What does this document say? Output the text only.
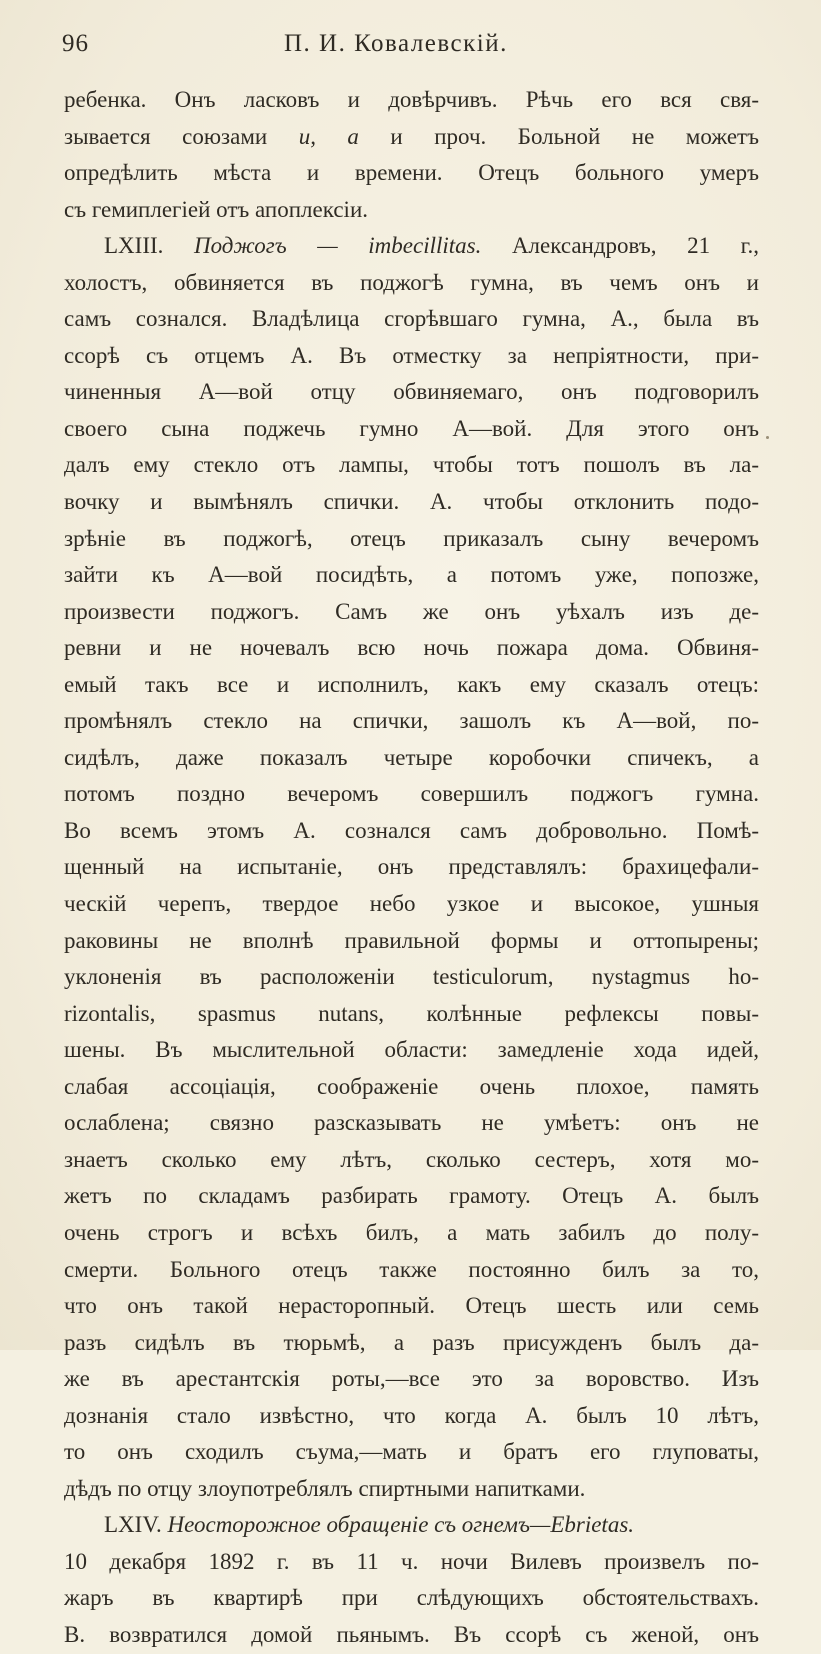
96	П. И. Ковалевскій.
ребенка. Онъ ласковъ и довѣрчивъ. Рѣчь его вся свя-
зывается союзами и, а и проч. Больной не можетъ
опредѣлить мѣста и времени. Отецъ больного умеръ
съ гемиплегіей отъ апоплексіи.
LXIII. Поджогъ — imbecillitas. Александровъ, 21 г.,
холостъ, обвиняется въ поджогѣ гумна, въ чемъ онъ и
самъ сознался. Владѣлица сгорѣвшаго гумна, А., была въ
ссорѣ съ отцемъ А. Въ отместку за непріятности, при-
чиненныя А—вой отцу обвиняемаго, онъ подговорилъ
своего сына поджечь гумно А—вой. Для этого онъ
далъ ему стекло отъ лампы, чтобы тотъ пошолъ въ ла-
вочку и вымѣнялъ спички. А. чтобы отклонить подо-
зрѣніе въ поджогѣ, отецъ приказалъ сыну вечеромъ
зайти къ А—вой посидѣть, а потомъ уже, попозже,
произвести поджогъ. Самъ же онъ уѣхалъ изъ де-
ревни и не ночевалъ всю ночь пожара дома. Обвиня-
емый такъ все и исполнилъ, какъ ему сказалъ отецъ:
промѣнялъ стекло на спички, зашолъ къ А—вой, по-
сидѣлъ, даже показалъ четыре коробочки спичекъ, а
потомъ поздно вечеромъ совершилъ поджогъ гумна.
Во всемъ этомъ А. сознался самъ добровольно. Помѣ-
щенный на испытаніе, онъ представлялъ: брахицефали-
ческій черепъ, твердое небо узкое и высокое, ушныя
раковины не вполнѣ правильной формы и оттопырены;
уклоненія въ расположеніи testiculorum, nystagmus ho-
rizontalis, spasmus nutans, колѣнные рефлексы повы-
шены. Въ мыслительной области: замедленіе хода идей,
слабая ассоціація, соображеніе очень плохое, память
ослаблена; связно разсказывать не умѣетъ: онъ не
знаетъ сколько ему лѣтъ, сколько сестеръ, хотя мо-
жетъ по складамъ разбирать грамоту. Отецъ А. былъ
очень строгъ и всѣхъ билъ, а мать забилъ до полу-
смерти. Больного отецъ также постоянно билъ за то,
что онъ такой нерасторопный. Отецъ шесть или семь
разъ сидѣлъ въ тюрьмѣ, а разъ присужденъ былъ да-
же въ арестантскія роты,—все это за воровство. Изъ
дознанія стало извѣстно, что когда А. былъ 10 лѣтъ,
то онъ сходилъ съума,—мать и братъ его глуповаты,
дѣдъ по отцу злоупотреблялъ спиртными напитками.
LXIV. Неосторожное обращеніе съ огнемъ—Ebrietas.
10 декабря 1892 г. въ 11 ч. ночи Вилевъ произвелъ по-
жаръ въ квартирѣ при слѣдующихъ обстоятельствахъ.
В. возвратился домой пьянымъ. Въ ссорѣ съ женой, онъ
